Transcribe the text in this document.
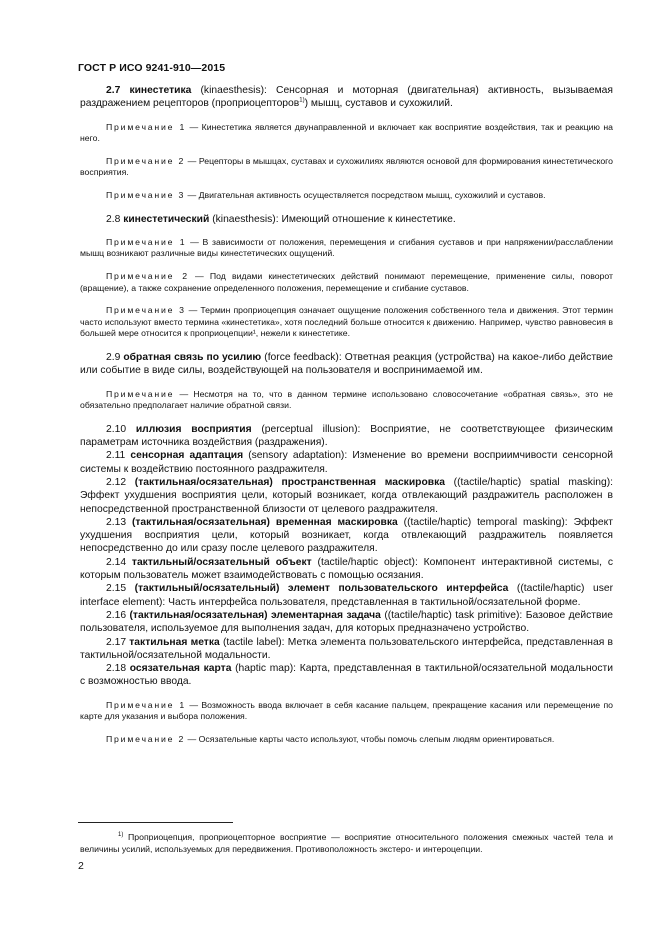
ГОСТ Р ИСО 9241-910—2015

2.7 кинестетика (kinaesthesis): Сенсорная и моторная (двигательная) активность, вызываемая раздражением рецепторов (проприоцепторов$^{1)}$) мышц, суставов и сухожилий.

Примечание 1 — Кинестетика является двунаправленной и включает как восприятие воздействия, так и реакцию на него.

Примечание 2 — Рецепторы в мышцах, суставах и сухожилиях являются основой для формирования кинестетического восприятия.

Примечание 3 — Двигательная активность осуществляется посредством мышц, сухожилий и суставов.

2.8 кинестетический (kinaesthesis): Имеющий отношение к кинестетике.

Примечание 1 — В зависимости от положения, перемещения и сгибания суставов и при напряжении/расслаблении мышц возникают различные виды кинестетических ощущений.

Примечание 2 — Под видами кинестетических действий понимают перемещение, применение силы, поворот (вращение), а также сохранение определенного положения, перемещение и сгибание суставов.

Примечание 3 — Термин проприоцепция означает ощущение положения собственного тела и движения. Этот термин часто используют вместо термина «кинестетика», хотя последний больше относится к движению. Например, чувство равновесия в большей мере относится к проприоцепции¹, нежели к кинестетике.

2.9 обратная связь по усилию (force feedback): Ответная реакция (устройства) на какое-либо действие или событие в виде силы, воздействующей на пользователя и воспринимаемой им.

Примечание — Несмотря на то, что в данном термине использовано словосочетание «обратная связь», это не обязательно предполагает наличие обратной связи.

2.10 иллюзия восприятия (perceptual illusion): Восприятие, не соответствующее физическим параметрам источника воздействия (раздражения).

2.11 сенсорная адаптация (sensory adaptation): Изменение во времени восприимчивости сенсорной системы к воздействию постоянного раздражителя.

2.12 (тактильная/осязательная) пространственная маскировка ((tactile/haptic) spatial masking): Эффект ухудшения восприятия цели, который возникает, когда отвлекающий раздражитель расположен в непосредственной пространственной близости от целевого раздражителя.

2.13 (тактильная/осязательная) временная маскировка ((tactile/haptic) temporal masking): Эффект ухудшения восприятия цели, который возникает, когда отвлекающий раздражитель появляется непосредственно до или сразу после целевого раздражителя.

2.14 тактильный/осязательный объект (tactile/haptic object): Компонент интерактивной системы, с которым пользователь может взаимодействовать с помощью осязания.

2.15 (тактильный/осязательный) элемент пользовательского интерфейса ((tactile/haptic) user interface element): Часть интерфейса пользователя, представленная в тактильной/осязательной форме.

2.16 (тактильная/осязательная) элементарная задача ((tactile/haptic) task primitive): Базовое действие пользователя, используемое для выполнения задач, для которых предназначено устройство.

2.17 тактильная метка (tactile label): Метка элемента пользовательского интерфейса, представленная в тактильной/осязательной модальности.

2.18 осязательная карта (haptic map): Карта, представленная в тактильной/осязательной модальности с возможностью ввода.

Примечание 1 — Возможность ввода включает в себя касание пальцем, прекращение касания или перемещение по карте для указания и выбора положения.

Примечание 2 — Осязательные карты часто используют, чтобы помочь слепым людям ориентироваться.

$^{1)}$ Проприоцепция, проприоцепторное восприятие — восприятие относительного положения смежных частей тела и величины усилий, используемых для передвижения. Противоположность экстеро- и интероцепции.

2
